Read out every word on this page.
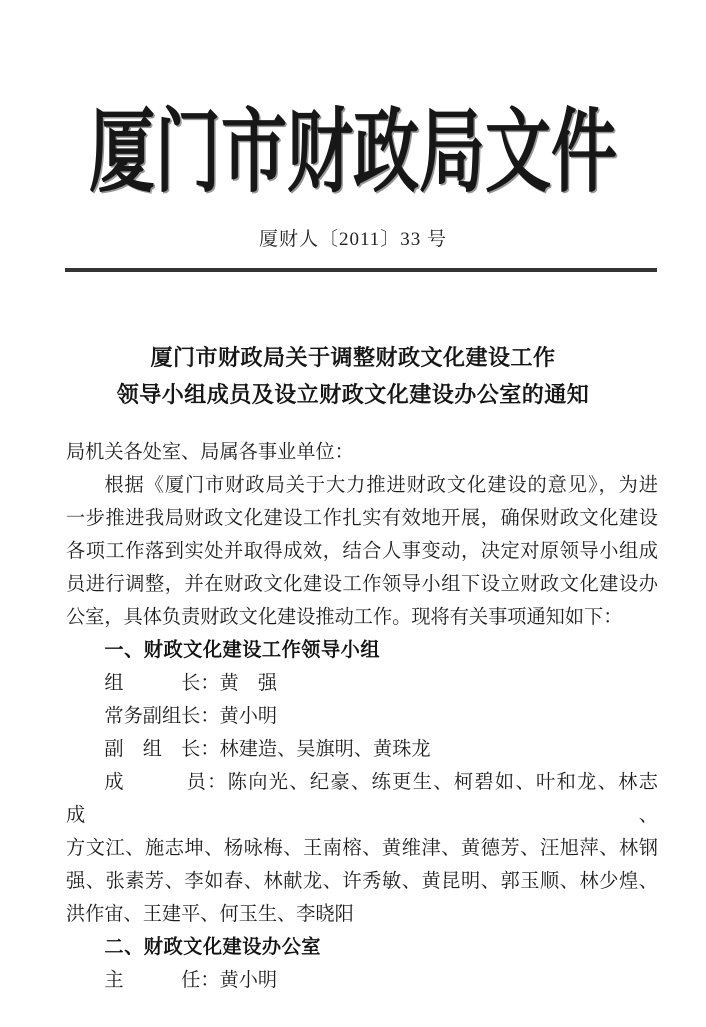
厦门市财政局文件
厦财人〔2011〕33 号
厦门市财政局关于调整财政文化建设工作
领导小组成员及设立财政文化建设办公室的通知
局机关各处室、局属各事业单位：
根据《厦门市财政局关于大力推进财政文化建设的意见》，为进
一步推进我局财政文化建设工作扎实有效地开展，确保财政文化建设
各项工作落到实处并取得成效，结合人事变动，决定对原领导小组成
员进行调整，并在财政文化建设工作领导小组下设立财政文化建设办
公室，具体负责财政文化建设推动工作。现将有关事项通知如下：
一、财政文化建设工作领导小组
组　　　长：黄　强
常务副组长：黄小明
副　组　长：林建造、吴旗明、黄珠龙
成　　　员：陈向光、纪豪、练更生、柯碧如、叶和龙、林志成、
方文江、施志坤、杨咏梅、王南榕、黄维津、黄德芳、汪旭萍、林钢
强、张素芳、李如春、林献龙、许秀敏、黄昆明、郭玉顺、林少煌、
洪作宙、王建平、何玉生、李晓阳
二、财政文化建设办公室
主　　　任：黄小明
